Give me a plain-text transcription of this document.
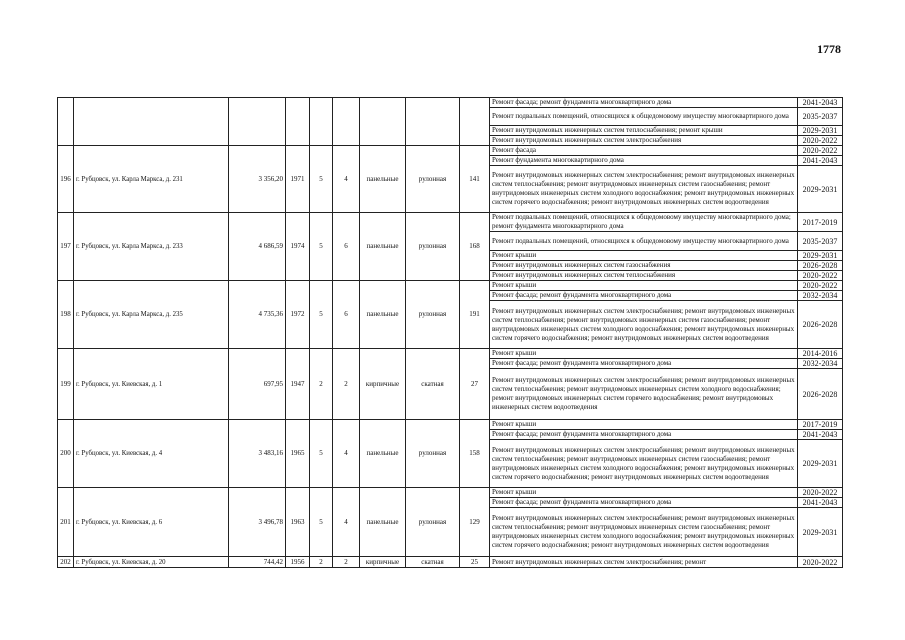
1778
									Ремонт фасада; ремонт фундамента многоквартирного дома	2041-2043
									Ремонт подвальных помещений, относящихся к общедомовому имуществу многоквартирного дома	2035-2037
									Ремонт внутридомовых инженерных систем теплоснабжения; ремонт крыши	2029-2031
									Ремонт внутридомовых инженерных систем электроснабжения	2020-2022
196	г. Рубцовск, ул. Карла Маркса, д. 231	3 356,20	1971	5	4	панельные	рулонная	141	Ремонт фасада	2020-2022
									Ремонт фундамента многоквартирного дома	2041-2043
									Ремонт внутридомовых инженерных систем электроснабжения; ремонт внутридомовых инженерных систем теплоснабжения; ремонт внутридомовых инженерных систем газоснабжения; ремонт внутридомовых инженерных систем холодного водоснабжения; ремонт внутридомовых инженерных систем горячего водоснабжения; ремонт внутридомовых инженерных систем водоотведения	2029-2031
197	г. Рубцовск, ул. Карла Маркса, д. 233	4 686,59	1974	5	6	панельные	рулонная	168	Ремонт подвальных помещений, относящихся к общедомовому имуществу многоквартирного дома; ремонт фундамента многоквартирного дома	2017-2019
									Ремонт подвальных помещений, относящихся к общедомовому имуществу многоквартирного дома	2035-2037
									Ремонт крыши	2029-2031
									Ремонт внутридомовых инженерных систем газоснабжения	2026-2028
									Ремонт внутридомовых инженерных систем теплоснабжения	2020-2022
198	г. Рубцовск, ул. Карла Маркса, д. 235	4 735,36	1972	5	6	панельные	рулонная	191	Ремонт крыши	2020-2022
									Ремонт фасада; ремонт фундамента многоквартирного дома	2032-2034
									Ремонт внутридомовых инженерных систем электроснабжения; ремонт внутридомовых инженерных систем теплоснабжения; ремонт внутридомовых инженерных систем газоснабжения; ремонт внутридомовых инженерных систем холодного водоснабжения; ремонт внутридомовых инженерных систем горячего водоснабжения; ремонт внутридомовых инженерных систем водоотведения	2026-2028
199	г. Рубцовск, ул. Киевская, д. 1	697,95	1947	2	2	кирпичные	скатная	27	Ремонт крыши	2014-2016
									Ремонт фасада; ремонт фундамента многоквартирного дома	2032-2034
									Ремонт внутридомовых инженерных систем электроснабжения; ремонт внутридомовых инженерных систем теплоснабжения; ремонт внутридомовых инженерных систем холодного водоснабжения; ремонт внутридомовых инженерных систем горячего водоснабжения; ремонт внутридомовых инженерных систем водоотведения	2026-2028
200	г. Рубцовск, ул. Киевская, д. 4	3 483,16	1965	5	4	панельные	рулонная	158	Ремонт крыши	2017-2019
									Ремонт фасада; ремонт фундамента многоквартирного дома	2041-2043
									Ремонт внутридомовых инженерных систем электроснабжения; ремонт внутридомовых инженерных систем теплоснабжения; ремонт внутридомовых инженерных систем газоснабжения; ремонт внутридомовых инженерных систем холодного водоснабжения; ремонт внутридомовых инженерных систем горячего водоснабжения; ремонт внутридомовых инженерных систем водоотведения	2029-2031
201	г. Рубцовск, ул. Киевская, д. 6	3 496,78	1963	5	4	панельные	рулонная	129	Ремонт крыши	2020-2022
									Ремонт фасада; ремонт фундамента многоквартирного дома	2041-2043
									Ремонт внутридомовых инженерных систем электроснабжения; ремонт внутридомовых инженерных систем теплоснабжения; ремонт внутридомовых инженерных систем газоснабжения; ремонт внутридомовых инженерных систем холодного водоснабжения; ремонт внутридомовых инженерных систем горячего водоснабжения; ремонт внутридомовых инженерных систем водоотведения	2029-2031
202	г. Рубцовск, ул. Киевская, д. 20	744,42	1956	2	2	кирпичные	скатная	25	Ремонт внутридомовых инженерных систем электроснабжения; ремонт	2020-2022
